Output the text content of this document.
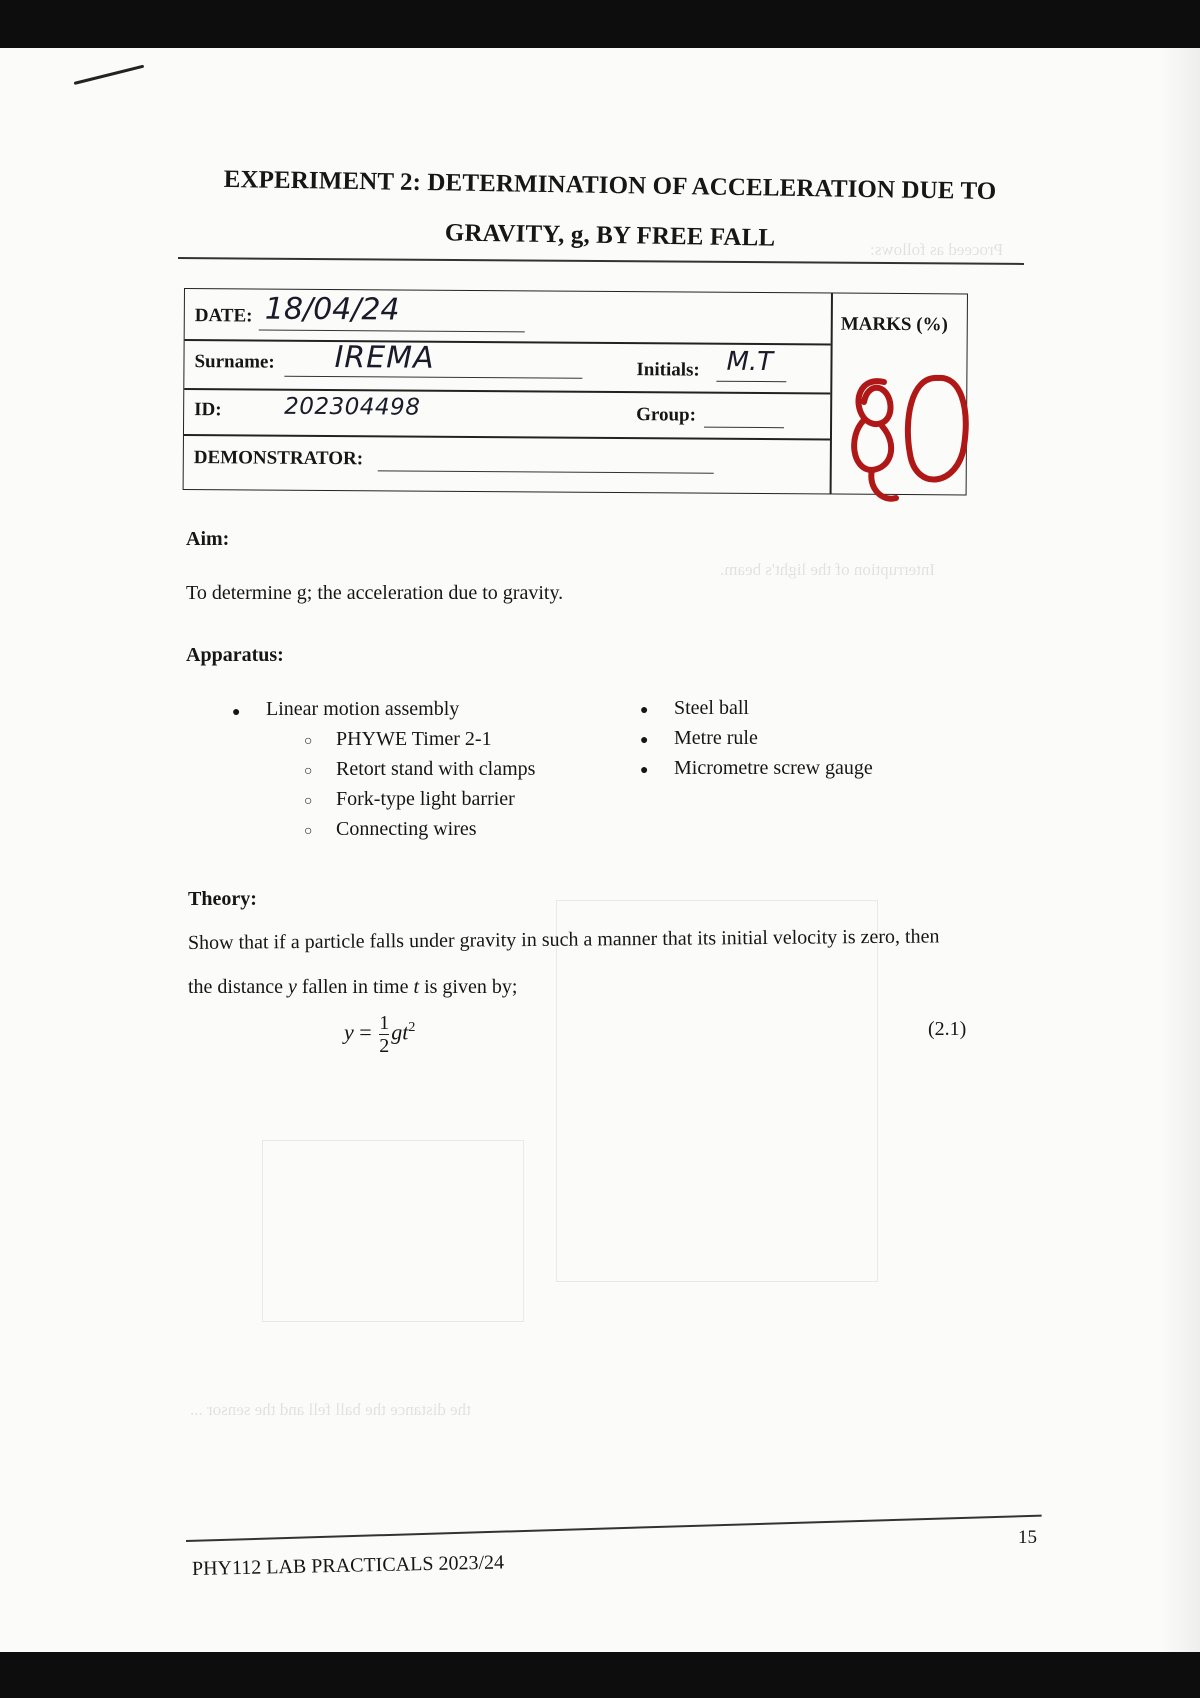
Proceed as follows:
Interruption of the light's beam.
the distance the ball fell and the sensor ...
EXPERIMENT 2: DETERMINATION OF ACCELERATION DUE TO
GRAVITY, g, BY FREE FALL
DATE: 18/04/24
Surname: IREMA	Initials: M.T
ID:	202304498	Group:
DEMONSTRATOR:
MARKS (%)
Aim:
To determine g; the acceleration due to gravity.
Apparatus:
● Linear motion assembly
○ PHYWE Timer 2-1
○ Retort stand with clamps
○ Fork-type light barrier
○ Connecting wires
● Steel ball
● Metre rule
● Micrometre screw gauge
Theory:
Show that if a particle falls under gravity in such a manner that its initial velocity is zero, then
the distance y fallen in time t is given by;
$y = \frac{1}{2} gt^2$	(2.1)
15
PHY112 LAB PRACTICALS 2023/24
